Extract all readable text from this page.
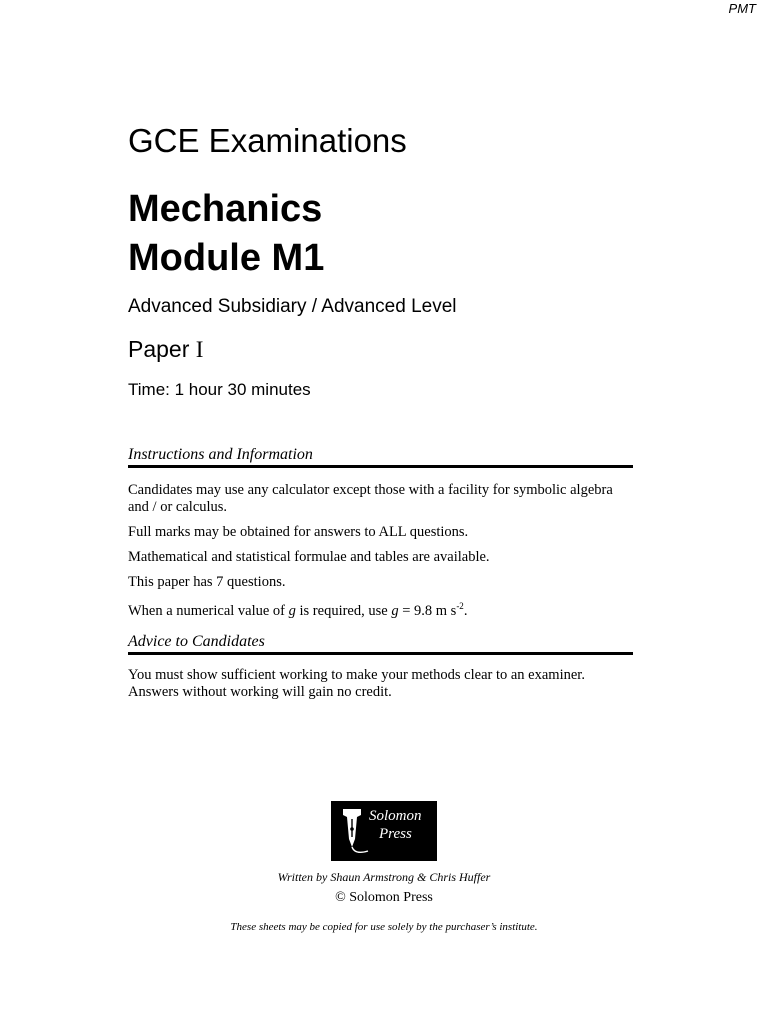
PMT
GCE Examinations
Mechanics
Module M1
Advanced Subsidiary / Advanced Level
Paper I
Time: 1 hour 30 minutes
Instructions and Information
Candidates may use any calculator except those with a facility for symbolic algebra and / or calculus.
Full marks may be obtained for answers to ALL questions.
Mathematical and statistical formulae and tables are available.
This paper has 7 questions.
When a numerical value of g is required, use g = 9.8 m $s^{-2}$.
Advice to Candidates
You must show sufficient working to make your methods clear to an examiner. Answers without working will gain no credit.
Solomon
Press
Written by Shaun Armstrong & Chris Huffer
© Solomon Press
These sheets may be copied for use solely by the purchaser’s institute.
